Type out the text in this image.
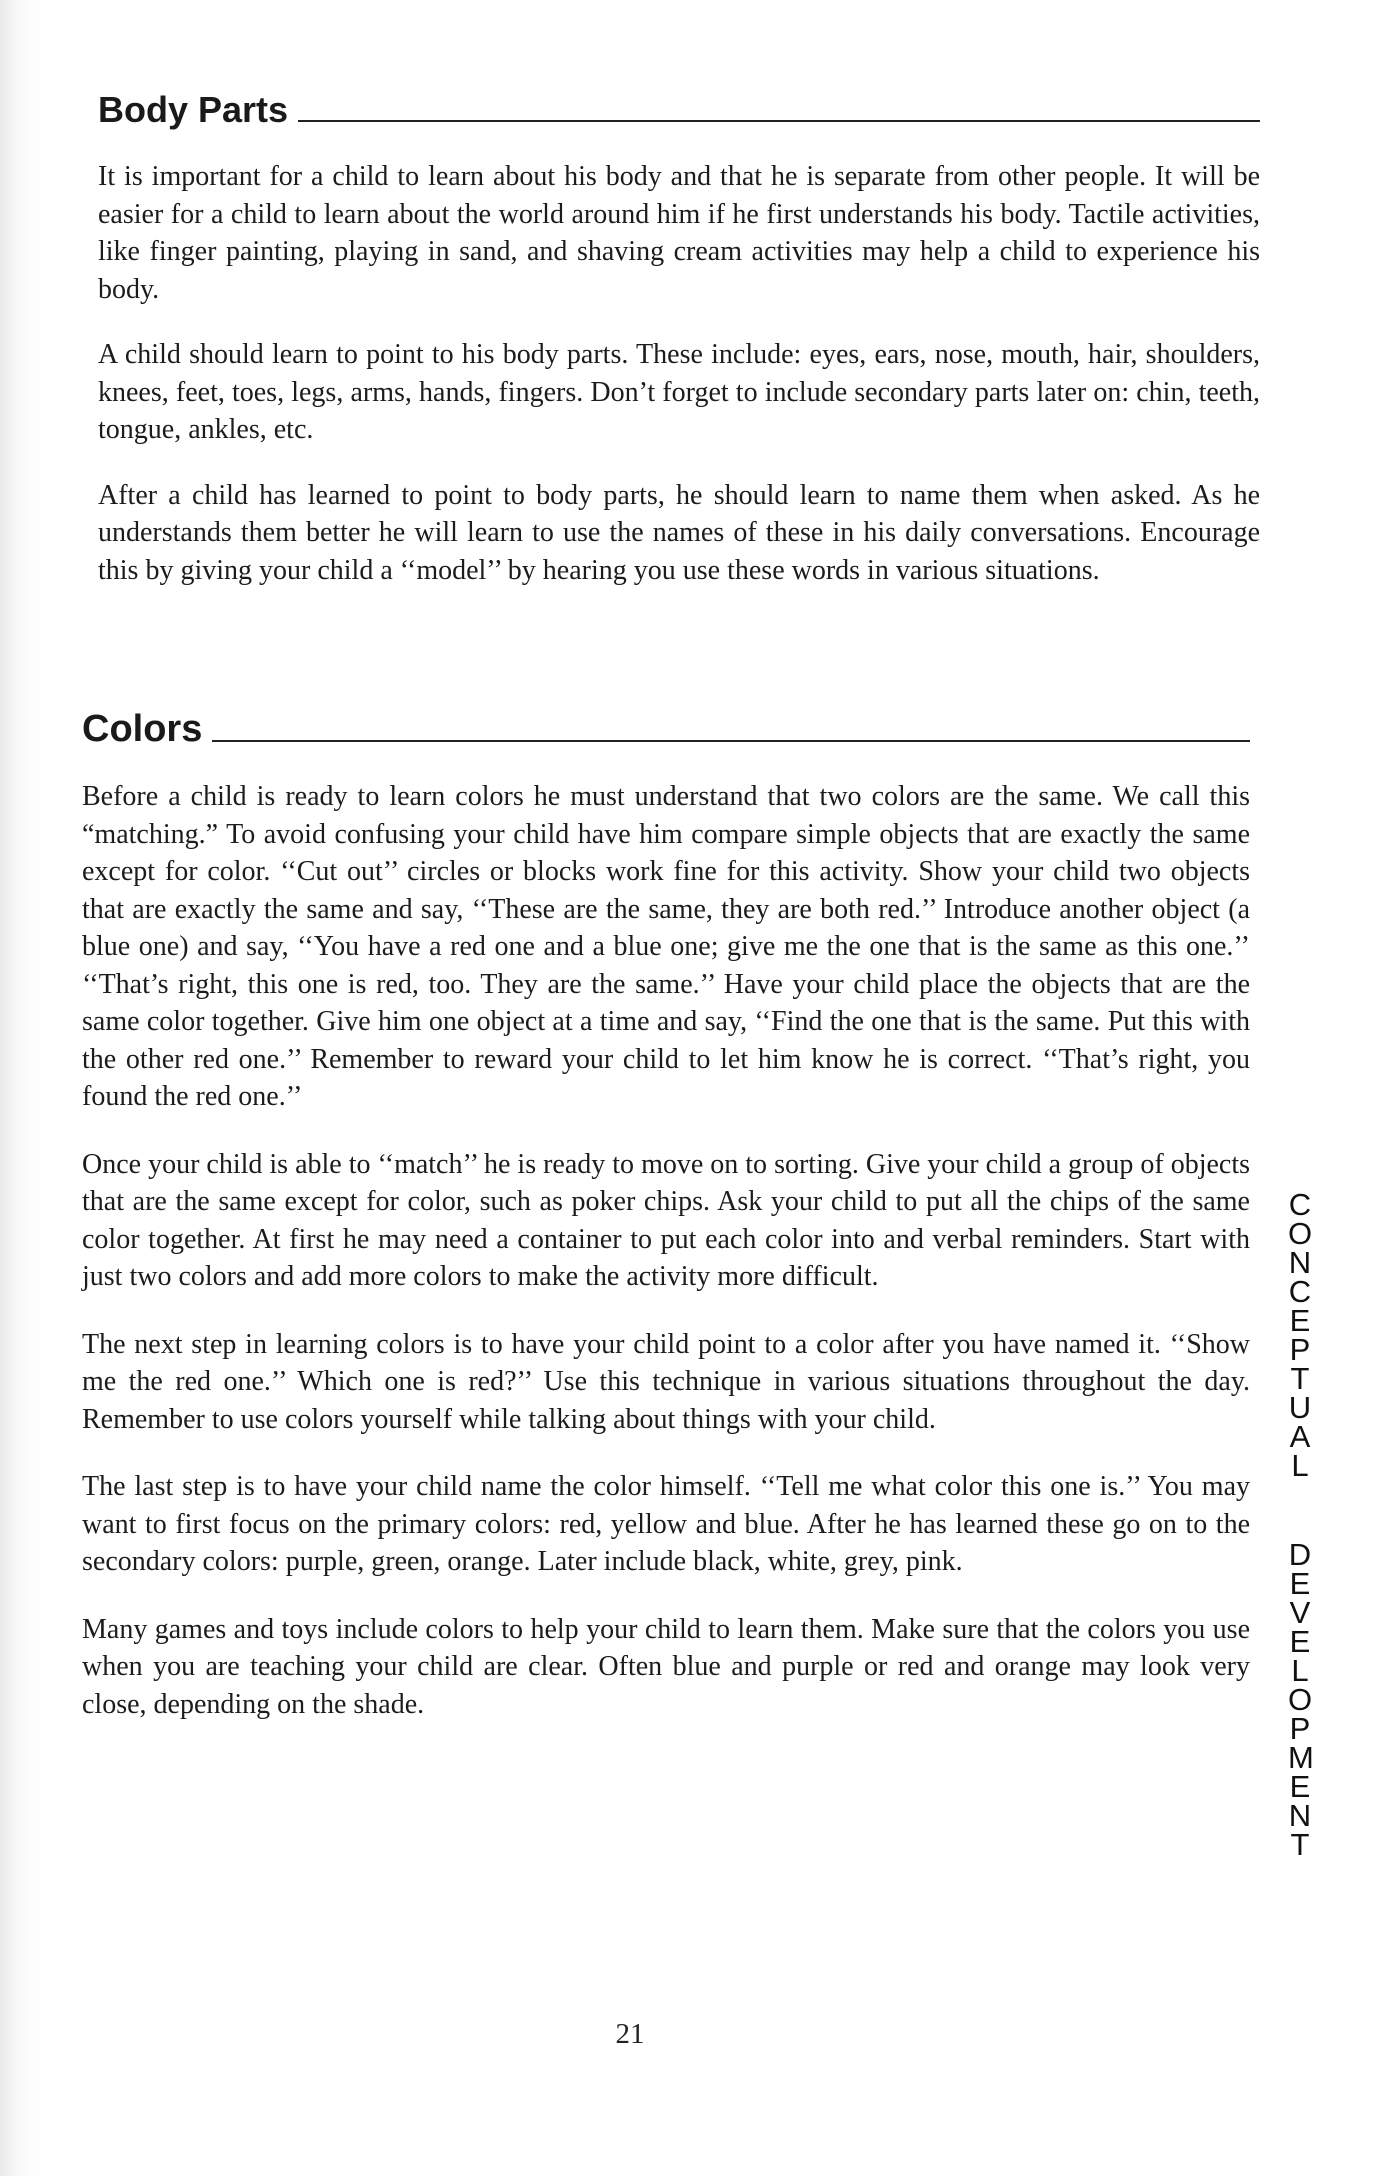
Body Parts

It is important for a child to learn about his body and that he is separate from other people. It will be easier for a child to learn about the world around him if he first understands his body. Tactile activities, like finger painting, playing in sand, and shaving cream activities may help a child to experience his body.

A child should learn to point to his body parts. These include: eyes, ears, nose, mouth, hair, shoulders, knees, feet, toes, legs, arms, hands, fingers. Don’t forget to include secondary parts later on: chin, teeth, tongue, ankles, etc.

After a child has learned to point to body parts, he should learn to name them when asked. As he understands them better he will learn to use the names of these in his daily conversations. Encourage this by giving your child a ‘‘model’’ by hearing you use these words in various situations.

Colors

Before a child is ready to learn colors he must understand that two colors are the same. We call this “matching.” To avoid confusing your child have him compare simple objects that are exactly the same except for color. ‘‘Cut out’’ circles or blocks work fine for this activity. Show your child two objects that are exactly the same and say, ‘‘These are the same, they are both red.’’ Introduce another object (a blue one) and say, ‘‘You have a red one and a blue one; give me the one that is the same as this one.’’ ‘‘That’s right, this one is red, too. They are the same.’’ Have your child place the objects that are the same color together. Give him one object at a time and say, ‘‘Find the one that is the same. Put this with the other red one.’’ Remember to reward your child to let him know he is correct. ‘‘That’s right, you found the red one.’’

Once your child is able to ‘‘match’’ he is ready to move on to sorting. Give your child a group of objects that are the same except for color, such as poker chips. Ask your child to put all the chips of the same color together. At first he may need a container to put each color into and verbal reminders. Start with just two colors and add more colors to make the activity more difficult.

The next step in learning colors is to have your child point to a color after you have named it. ‘‘Show me the red one.’’ Which one is red?’’ Use this technique in various situations throughout the day. Remember to use colors yourself while talking about things with your child.

The last step is to have your child name the color himself. ‘‘Tell me what color this one is.’’ You may want to first focus on the primary colors: red, yellow and blue. After he has learned these go on to the secondary colors: purple, green, orange. Later include black, white, grey, pink.

Many games and toys include colors to help your child to learn them. Make sure that the colors you use when you are teaching your child are clear. Often blue and purple or red and orange may look very close, depending on the shade.

CONCEPTUAL
DEVELOPMENT
21
